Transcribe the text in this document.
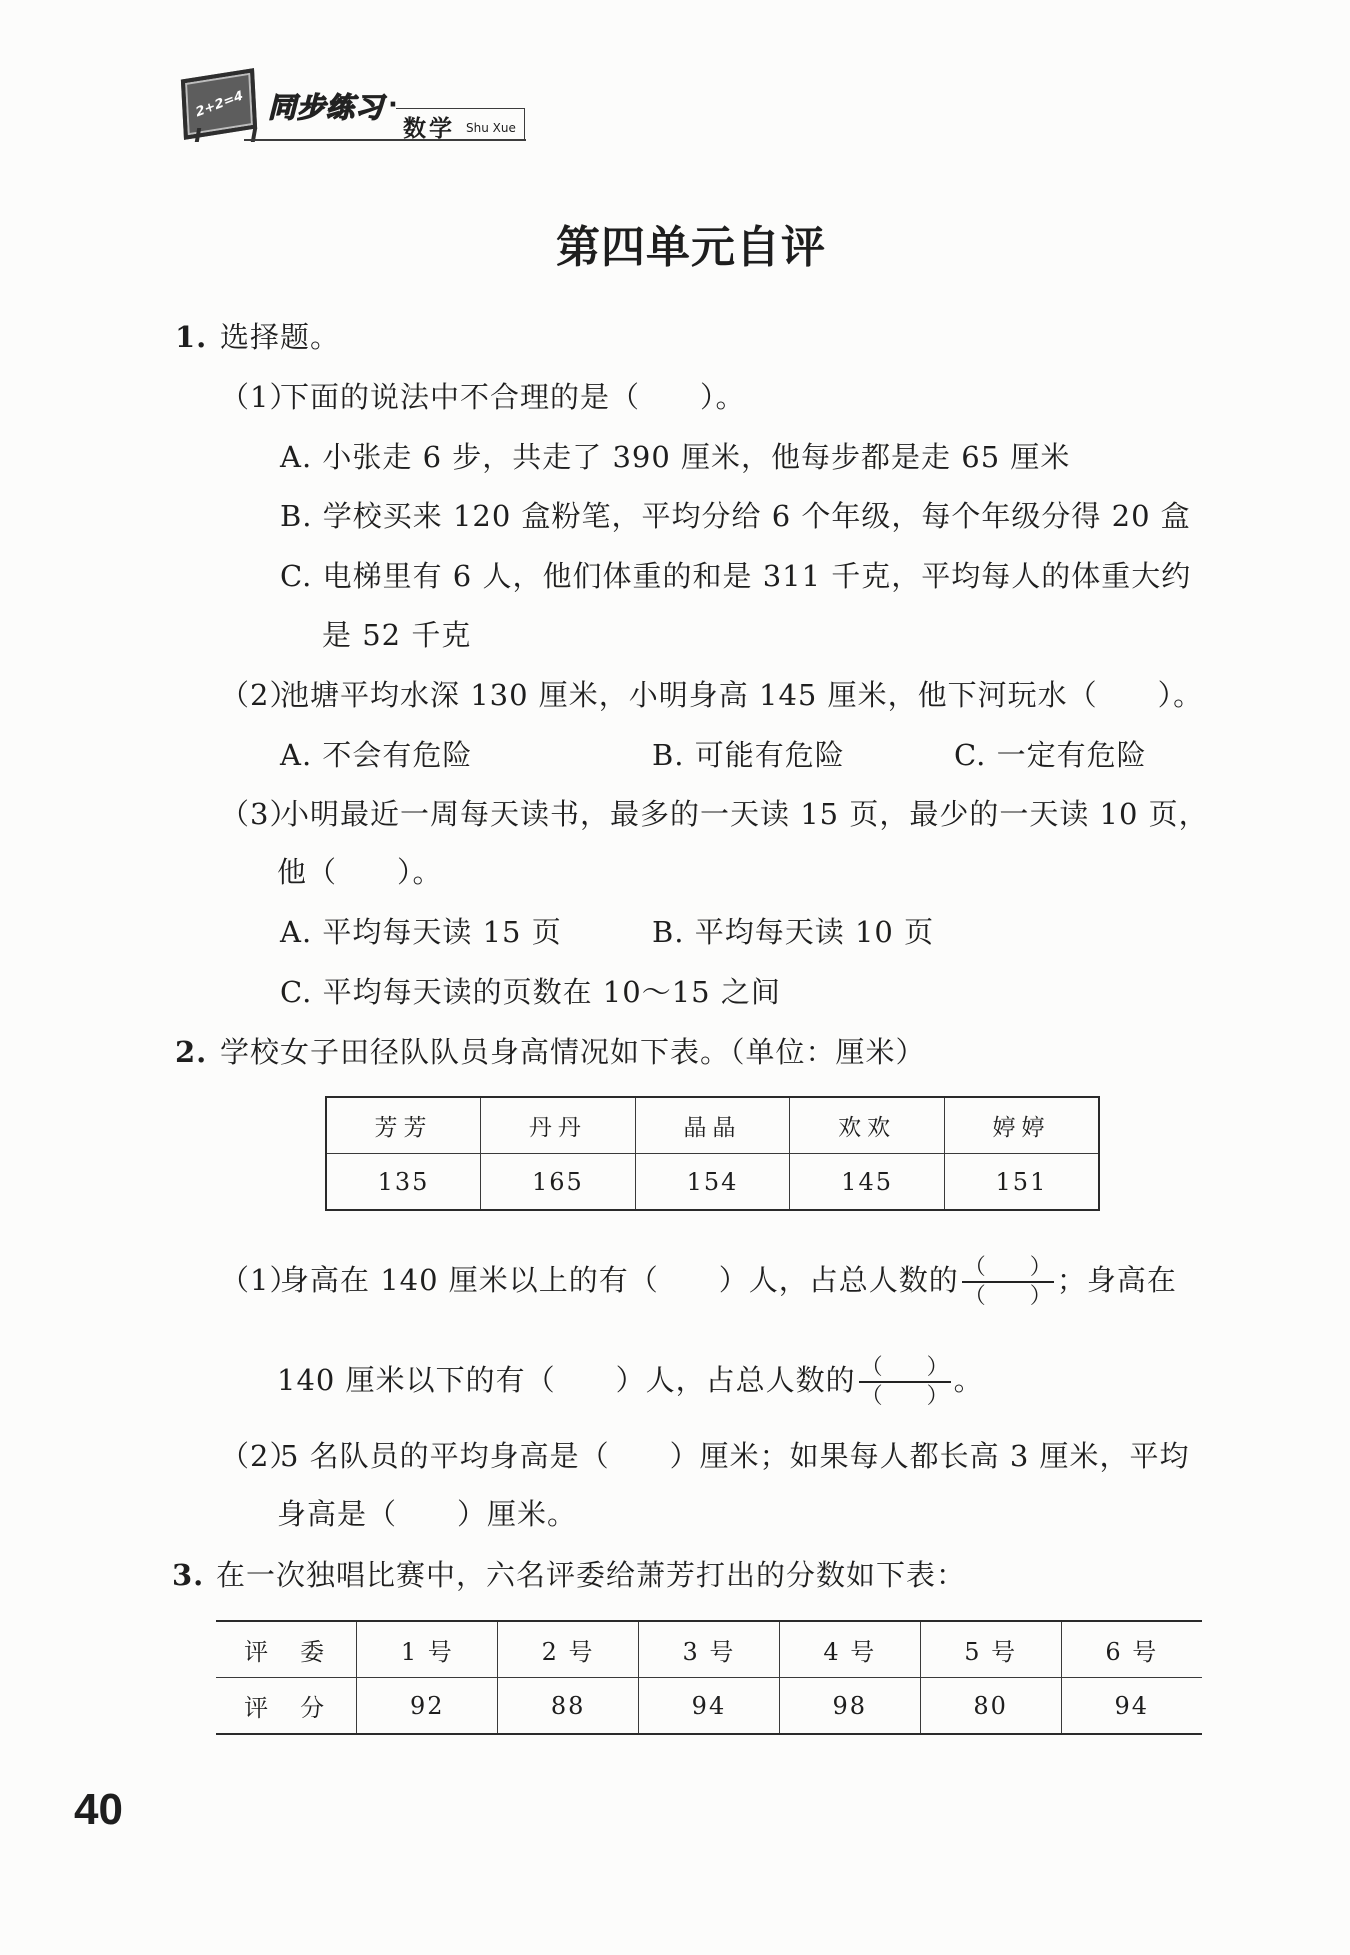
2+2=4 同步练习 ·
数学 Shu Xue
第四单元自评
1. 选择题。
（1）下面的说法中不合理的是（　　）。
A. 小张走 6 步，共走了 390 厘米，他每步都是走 65 厘米
B. 学校买来 120 盒粉笔，平均分给 6 个年级，每个年级分得 20 盒
C. 电梯里有 6 人，他们体重的和是 311 千克，平均每人的体重大约
是 52 千克
（2）池塘平均水深 130 厘米，小明身高 145 厘米，他下河玩水（　　）。
A. 不会有危险	B. 可能有危险	C. 一定有危险
（3）小明最近一周每天读书，最多的一天读 15 页，最少的一天读 10 页，
他（　　）。
A. 平均每天读 15 页	B. 平均每天读 10 页
C. 平均每天读的页数在 10～15 之间
2. 学校女子田径队队员身高情况如下表。（单位：厘米）
芳芳	丹丹	晶晶	欢欢	婷婷
135	165	154	145	151
（1）身高在 140 厘米以上的有（　　）人，占总人数的 $\frac{( )}{( )}$ ；身高在
140 厘米以下的有（　　）人，占总人数的 $\frac{( )}{( )}$ 。
（2）5 名队员的平均身高是（　　）厘米；如果每人都长高 3 厘米，平均
身高是（　　）厘米。
3. 在一次独唱比赛中，六名评委给萧芳打出的分数如下表：
评　委	1 号	2 号	3 号	4 号	5 号	6 号
评　分	92	88	94	98	80	94
40
